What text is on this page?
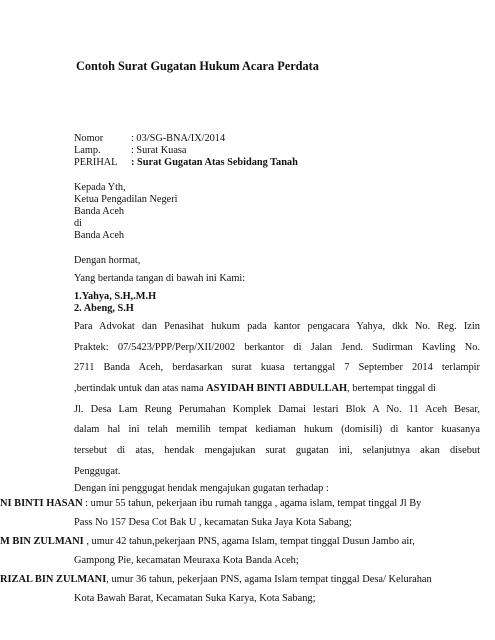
Contoh Surat Gugatan Hukum Acara Perdata
Nomor	: 03/SG-BNA/IX/2014
Lamp.	: Surat Kuasa
PERIHAL : Surat Gugatan Atas Sebidang Tanah
Kepada Yth,
Ketua Pengadilan Negeri
Banda Aceh
di
Banda Aceh
Dengan hormat,
Yang bertanda tangan di bawah ini Kami:
1.Yahya, S.H,.M.H
2. Abeng, S.H
Para Advokat dan Penasihat hukum pada kantor pengacara Yahya, dkk No. Reg. Izin
Praktek: 07/5423/PPP/Perp/XII/2002 berkantor di Jalan Jend. Sudirman Kavling No.
2711 Banda Aceh, berdasarkan surat kuasa tertanggal 7 September 2014 terlampir
,bertindak untuk dan atas nama ASYIDAH BINTI ABDULLAH, bertempat tinggal di
Jl. Desa Lam Reung Perumahan Komplek Damai lestari Blok A No. 11 Aceh Besar,
dalam hal ini telah memilih tempat kediaman hukum (domisili) di kantor kuasanya
tersebut di atas, hendak mengajukan surat gugatan ini, selanjutnya akan disebut
Penggugat.
Dengan ini penggugat hendak mengajukan gugatan terhadap :
NI BINTI HASAN : umur 55 tahun, pekerjaan ibu rumah tangga , agama islam, tempat tinggal Jl By
Pass No 157 Desa Cot Bak U , kecamatan Suka Jaya Kota Sabang;
M BIN ZULMANI , umur 42 tahun,pekerjaan PNS, agama Islam, tempat tinggal Dusun Jambo air,
Gampong Pie, kecamatan Meuraxa Kota Banda Aceh;
RIZAL BIN ZULMANI, umur 36 tahun, pekerjaan PNS, agama Islam tempat tinggal Desa/ Kelurahan
Kota Bawah Barat, Kecamatan Suka Karya, Kota Sabang;
